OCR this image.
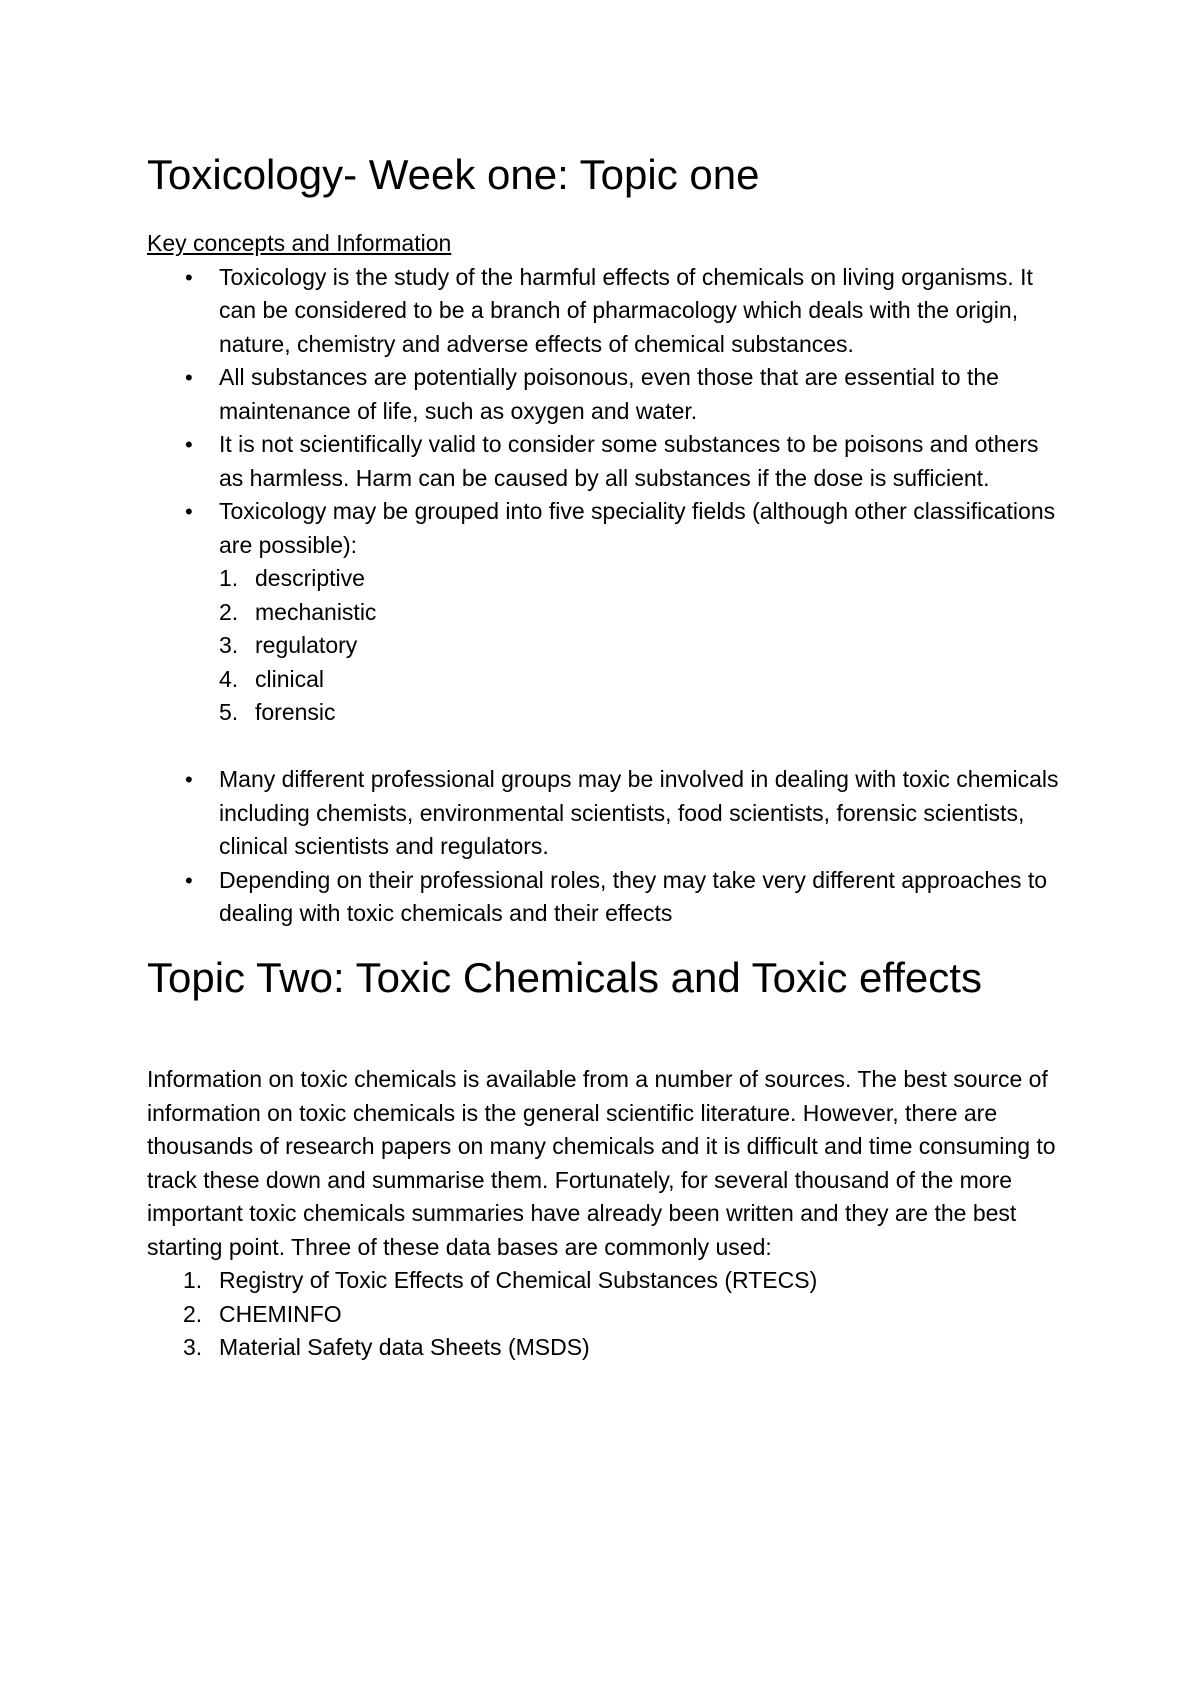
Toxicology- Week one: Topic one
Key concepts and Information
• Toxicology is the study of the harmful effects of chemicals on living organisms. It can be considered to be a branch of pharmacology which deals with the origin, nature, chemistry and adverse effects of chemical substances.
• All substances are potentially poisonous, even those that are essential to the maintenance of life, such as oxygen and water.
• It is not scientifically valid to consider some substances to be poisons and others as harmless. Harm can be caused by all substances if the dose is sufficient.
• Toxicology may be grouped into five speciality fields (although other classifications are possible):
1. descriptive
2. mechanistic
3. regulatory
4. clinical
5. forensic
• Many different professional groups may be involved in dealing with toxic chemicals including chemists, environmental scientists, food scientists, forensic scientists, clinical scientists and regulators.
• Depending on their professional roles, they may take very different approaches to dealing with toxic chemicals and their effects
Topic Two: Toxic Chemicals and Toxic effects
Information on toxic chemicals is available from a number of sources. The best source of information on toxic chemicals is the general scientific literature. However, there are thousands of research papers on many chemicals and it is difficult and time consuming to track these down and summarise them. Fortunately, for several thousand of the more important toxic chemicals summaries have already been written and they are the best starting point. Three of these data bases are commonly used:
1. Registry of Toxic Effects of Chemical Substances (RTECS)
2. CHEMINFO
3. Material Safety data Sheets (MSDS)
